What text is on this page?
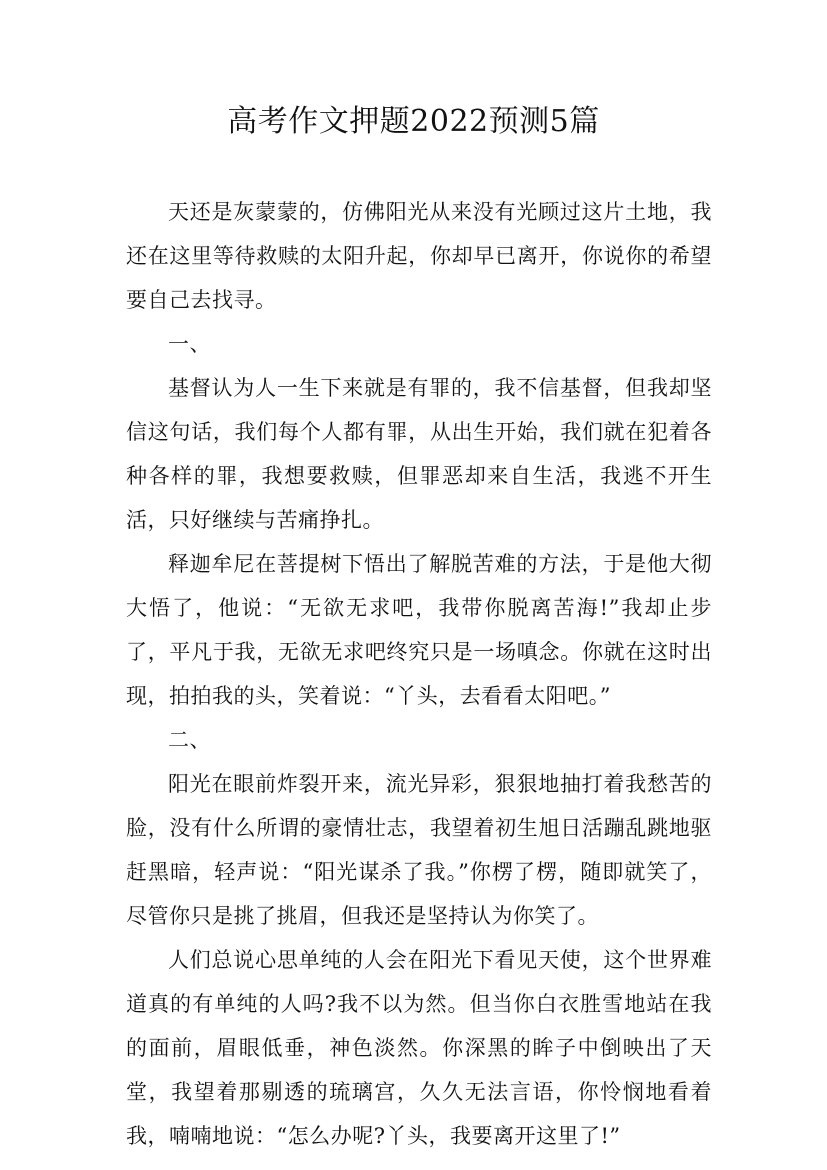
高考作文押题2022预测5篇

天还是灰蒙蒙的，仿佛阳光从来没有光顾过这片土地，我还在这里等待救赎的太阳升起，你却早已离开，你说你的希望要自己去找寻。

一、

基督认为人一生下来就是有罪的，我不信基督，但我却坚信这句话，我们每个人都有罪，从出生开始，我们就在犯着各种各样的罪，我想要救赎，但罪恶却来自生活，我逃不开生活，只好继续与苦痛挣扎。

释迦牟尼在菩提树下悟出了解脱苦难的方法，于是他大彻大悟了，他说：“无欲无求吧，我带你脱离苦海!”我却止步了，平凡于我，无欲无求吧终究只是一场嗔念。你就在这时出现，拍拍我的头，笑着说：“丫头，去看看太阳吧。”

二、

阳光在眼前炸裂开来，流光异彩，狠狠地抽打着我愁苦的脸，没有什么所谓的豪情壮志，我望着初生旭日活蹦乱跳地驱赶黑暗，轻声说：“阳光谋杀了我。”你楞了楞，随即就笑了，尽管你只是挑了挑眉，但我还是坚持认为你笑了。

人们总说心思单纯的人会在阳光下看见天使，这个世界难道真的有单纯的人吗?我不以为然。但当你白衣胜雪地站在我的面前，眉眼低垂，神色淡然。你深黑的眸子中倒映出了天堂，我望着那剔透的琉璃宫，久久无法言语，你怜悯地看着我，喃喃地说：“怎么办呢?丫头，我要离开这里了!”
